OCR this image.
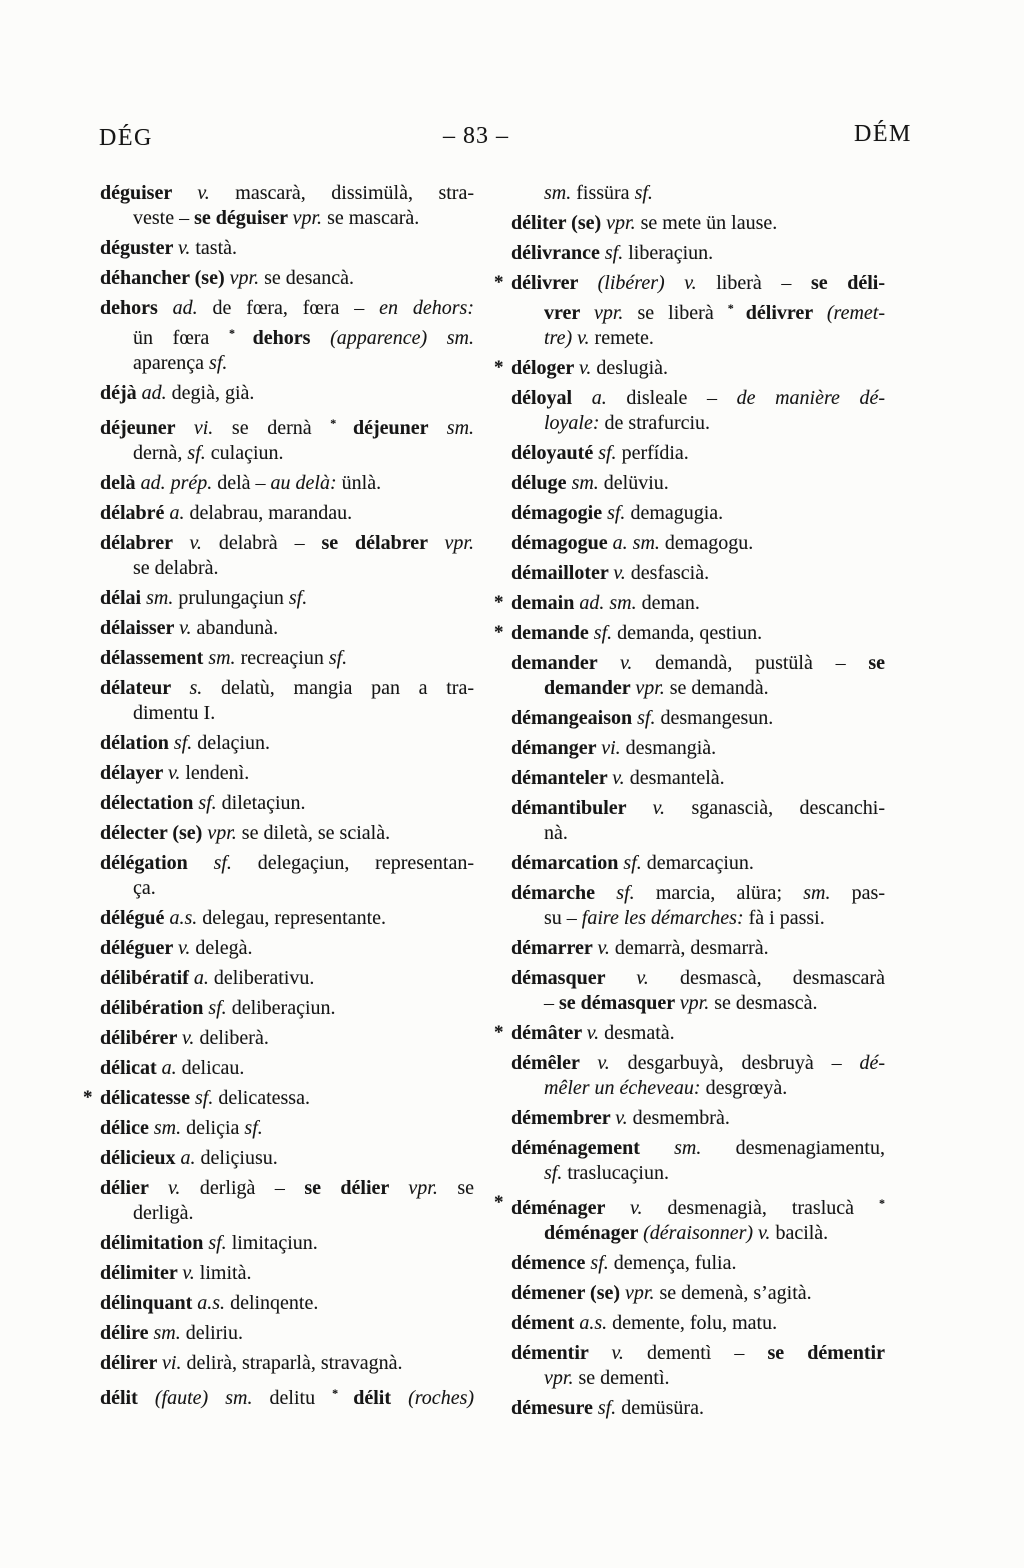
DÉG	– 83 –	DÉM
déguiser v. mascarà, dissimülà, stra-
veste – se déguiser vpr. se mascarà.
déguster v. tastà.
déhancher (se) vpr. se desancà.
dehors ad. de fœra, fœra – en dehors:
ün fœra * dehors (apparence) sm.
aparença sf.
déjà ad. degià, già.
déjeuner vi. se dernà * déjeuner sm.
dernà, sf. culaçiun.
delà ad. prép. delà – au delà: ünlà.
délabré a. delabrau, marandau.
délabrer v. delabrà – se délabrer vpr.
se delabrà.
délai sm. prulungaçiun sf.
délaisser v. abandunà.
délassement sm. recreaçiun sf.
délateur s. delatù, mangia pan a tra-
dimentu I.
délation sf. delaçiun.
délayer v. lendenì.
délectation sf. diletaçiun.
délecter (se) vpr. se diletà, se scialà.
délégation sf. delegaçiun, representan-
ça.
délégué a.s. delegau, representante.
déléguer v. delegà.
délibératif a. deliberativu.
délibération sf. deliberaçiun.
délibérer v. deliberà.
délicat a. delicau.
* délicatesse sf. delicatessa.
délice sm. deliçia sf.
délicieux a. deliçiusu.
délier v. derligà – se délier vpr. se
derligà.
délimitation sf. limitaçiun.
délimiter v. limità.
délinquant a.s. delinqente.
délire sm. deliriu.
délirer vi. delirà, straparlà, stravagnà.
délit (faute) sm. delitu * délit (roches)
sm. fissüra sf.
déliter (se) vpr. se mete ün lause.
délivrance sf. liberaçiun.
* délivrer (libérer) v. liberà – se déli-
vrer vpr. se liberà * délivrer (remet-
tre) v. remete.
* déloger v. deslugià.
déloyal a. disleale – de manière dé-
loyale: de strafurciu.
déloyauté sf. perfídia.
déluge sm. delüviu.
démagogie sf. demagugia.
démagogue a. sm. demagogu.
démailloter v. desfascià.
* demain ad. sm. deman.
* demande sf. demanda, qestiun.
demander v. demandà, pustülà – se
demander vpr. se demandà.
démangeaison sf. desmangesun.
démanger vi. desmangià.
démanteler v. desmantelà.
démantibuler v. sganascià, descanchi-
nà.
démarcation sf. demarcaçiun.
démarche sf. marcia, alüra; sm. pas-
su – faire les démarches: fà i passi.
démarrer v. demarrà, desmarrà.
démasquer v. desmascà, desmascarà
– se démasquer vpr. se desmascà.
* démâter v. desmatà.
démêler v. desgarbuyà, desbruyà – dé-
mêler un écheveau: desgrœyà.
démembrer v. desmembrà.
déménagement sm. desmenagiamentu,
sf. traslucaçiun.
* déménager v. desmenagià, traslucà *
déménager (déraisonner) v. bacilà.
démence sf. demença, fulia.
démener (se) vpr. se demenà, s’agità.
dément a.s. demente, folu, matu.
démentir v. dementì – se démentir
vpr. se dementì.
démesure sf. demüsüra.
